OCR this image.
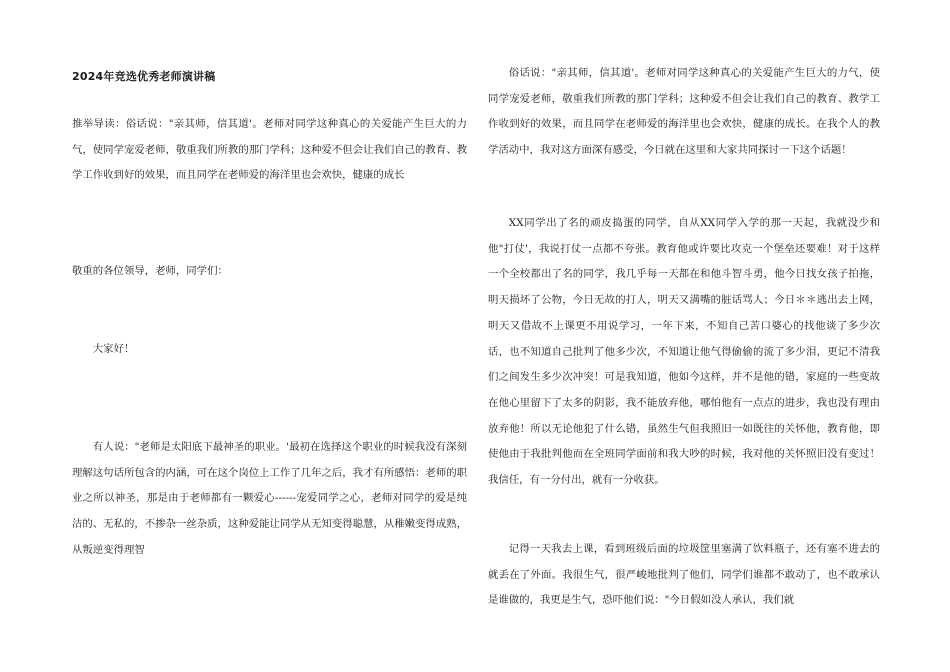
2024年竞选优秀老师演讲稿
推举导读：俗话说："亲其师，信其道'。老师对同学这种真心的关爱能产生巨大的力气，使同学宠爱老师，敬重我们所教的那门学科；这种爱不但会让我们自己的教育、教学工作收到好的效果，而且同学在老师爱的海洋里也会欢快，健康的成长
敬重的各位领导，老师，同学们：
大家好！
有人说："老师是太阳底下最神圣的职业。'最初在选择这个职业的时候我没有深刻理解这句话所包含的内涵，可在这个岗位上工作了几年之后，我才有所感悟：老师的职业之所以神圣，那是由于老师都有一颗爱心------宠爱同学之心，老师对同学的爱是纯洁的、无私的，不掺杂一丝杂质，这种爱能让同学从无知变得聪慧，从稚嫩变得成熟，从叛逆变得理智
俗话说："亲其师，信其道'。老师对同学这种真心的关爱能产生巨大的力气，使同学宠爱老师，敬重我们所教的那门学科；这种爱不但会让我们自己的教育、教学工作收到好的效果，而且同学在老师爱的海洋里也会欢快，健康的成长。在我个人的教学活动中，我对这方面深有感受，今日就在这里和大家共同探讨一下这个话题！
XX同学出了名的顽皮捣蛋的同学，自从XX同学入学的那一天起，我就没少和他"打仗'，我说打仗一点都不夸张。教育他或许要比攻克一个堡垒还要难！对于这样一个全校都出了名的同学，我几乎每一天都在和他斗智斗勇，他今日找女孩子拍拖，明天损坏了公物，今日无故的打人，明天又满嘴的脏话骂人；今日＊＊逃出去上网，明天又借故不上课更不用说学习，一年下来，不知自己苦口婆心的找他谈了多少次话，也不知道自己批判了他多少次，不知道让他气得偷偷的流了多少泪，更记不清我们之间发生多少次冲突！可是我知道，他如今这样，并不是他的错，家庭的一些变故在他心里留下了太多的阴影，我不能放弃他，哪怕他有一点点的进步，我也没有理由放弃他！所以无论他犯了什么错，虽然生气但我照旧一如既往的关怀他，教育他，即使他由于我批判他而在全班同学面前和我大吵的时候，我对他的关怀照旧没有变过！我信任，有一分付出，就有一分收获。
记得一天我去上课，看到班级后面的垃圾筐里塞满了饮料瓶子，还有塞不进去的就丢在了外面。我很生气，很严峻地批判了他们，同学们谁都不敢动了，也不敢承认是谁做的，我更是生气，恐吓他们说："今日假如没人承认，我们就
